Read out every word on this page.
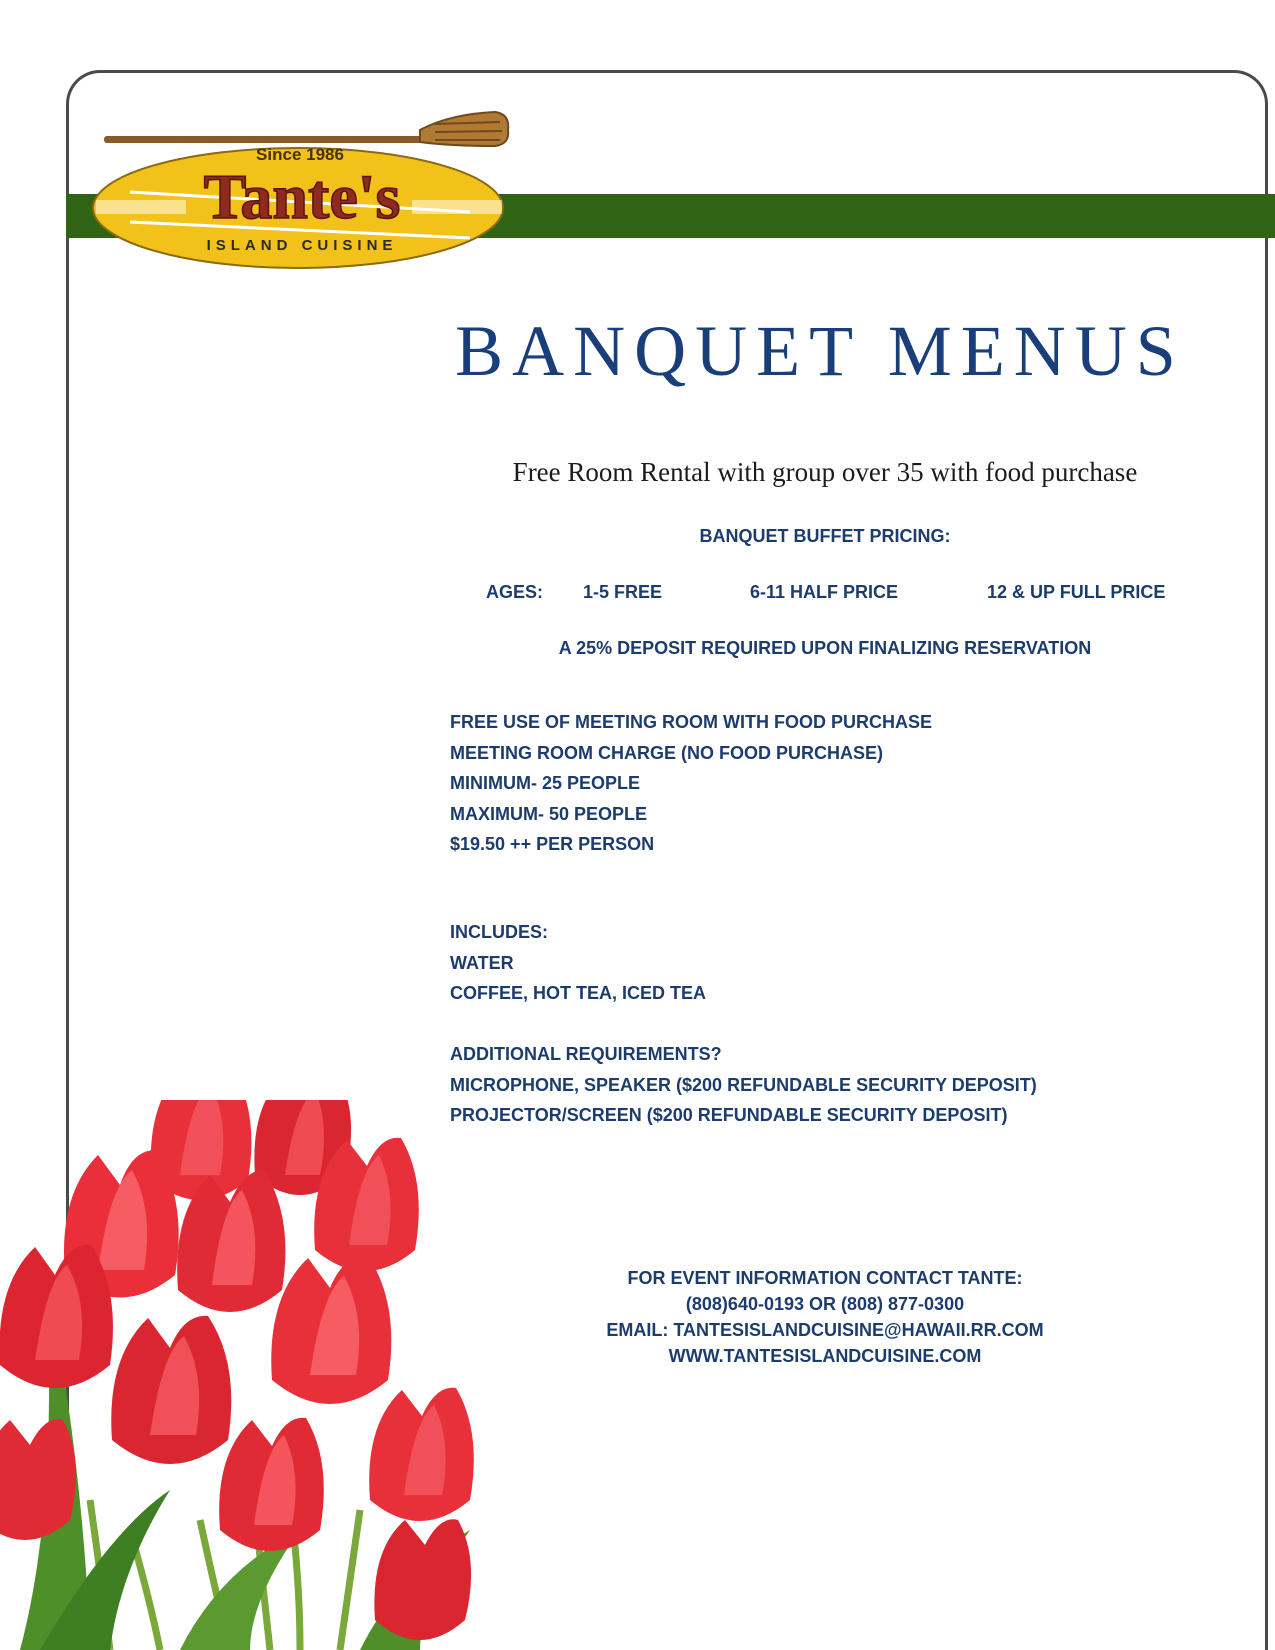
Since 1986
Tante's
ISLAND CUISINE
BANQUET MENUS
Free Room Rental with group over 35 with food purchase
BANQUET BUFFET PRICING:
AGES: 1-5 FREE	6-11 HALF PRICE	12 & UP FULL PRICE
A 25% DEPOSIT REQUIRED UPON FINALIZING RESERVATION
FREE USE OF MEETING ROOM WITH FOOD PURCHASE
MEETING ROOM CHARGE (NO FOOD PURCHASE)
MINIMUM- 25 PEOPLE
MAXIMUM- 50 PEOPLE
$19.50 ++ PER PERSON
INCLUDES:
WATER
COFFEE, HOT TEA, ICED TEA
ADDITIONAL REQUIREMENTS?
MICROPHONE, SPEAKER ($200 REFUNDABLE SECURITY DEPOSIT)
PROJECTOR/SCREEN ($200 REFUNDABLE SECURITY DEPOSIT)
FOR EVENT INFORMATION CONTACT TANTE:
(808)640-0193 OR (808) 877-0300
EMAIL: TANTESISLANDCUISINE@HAWAII.RR.COM
WWW.TANTESISLANDCUISINE.COM
